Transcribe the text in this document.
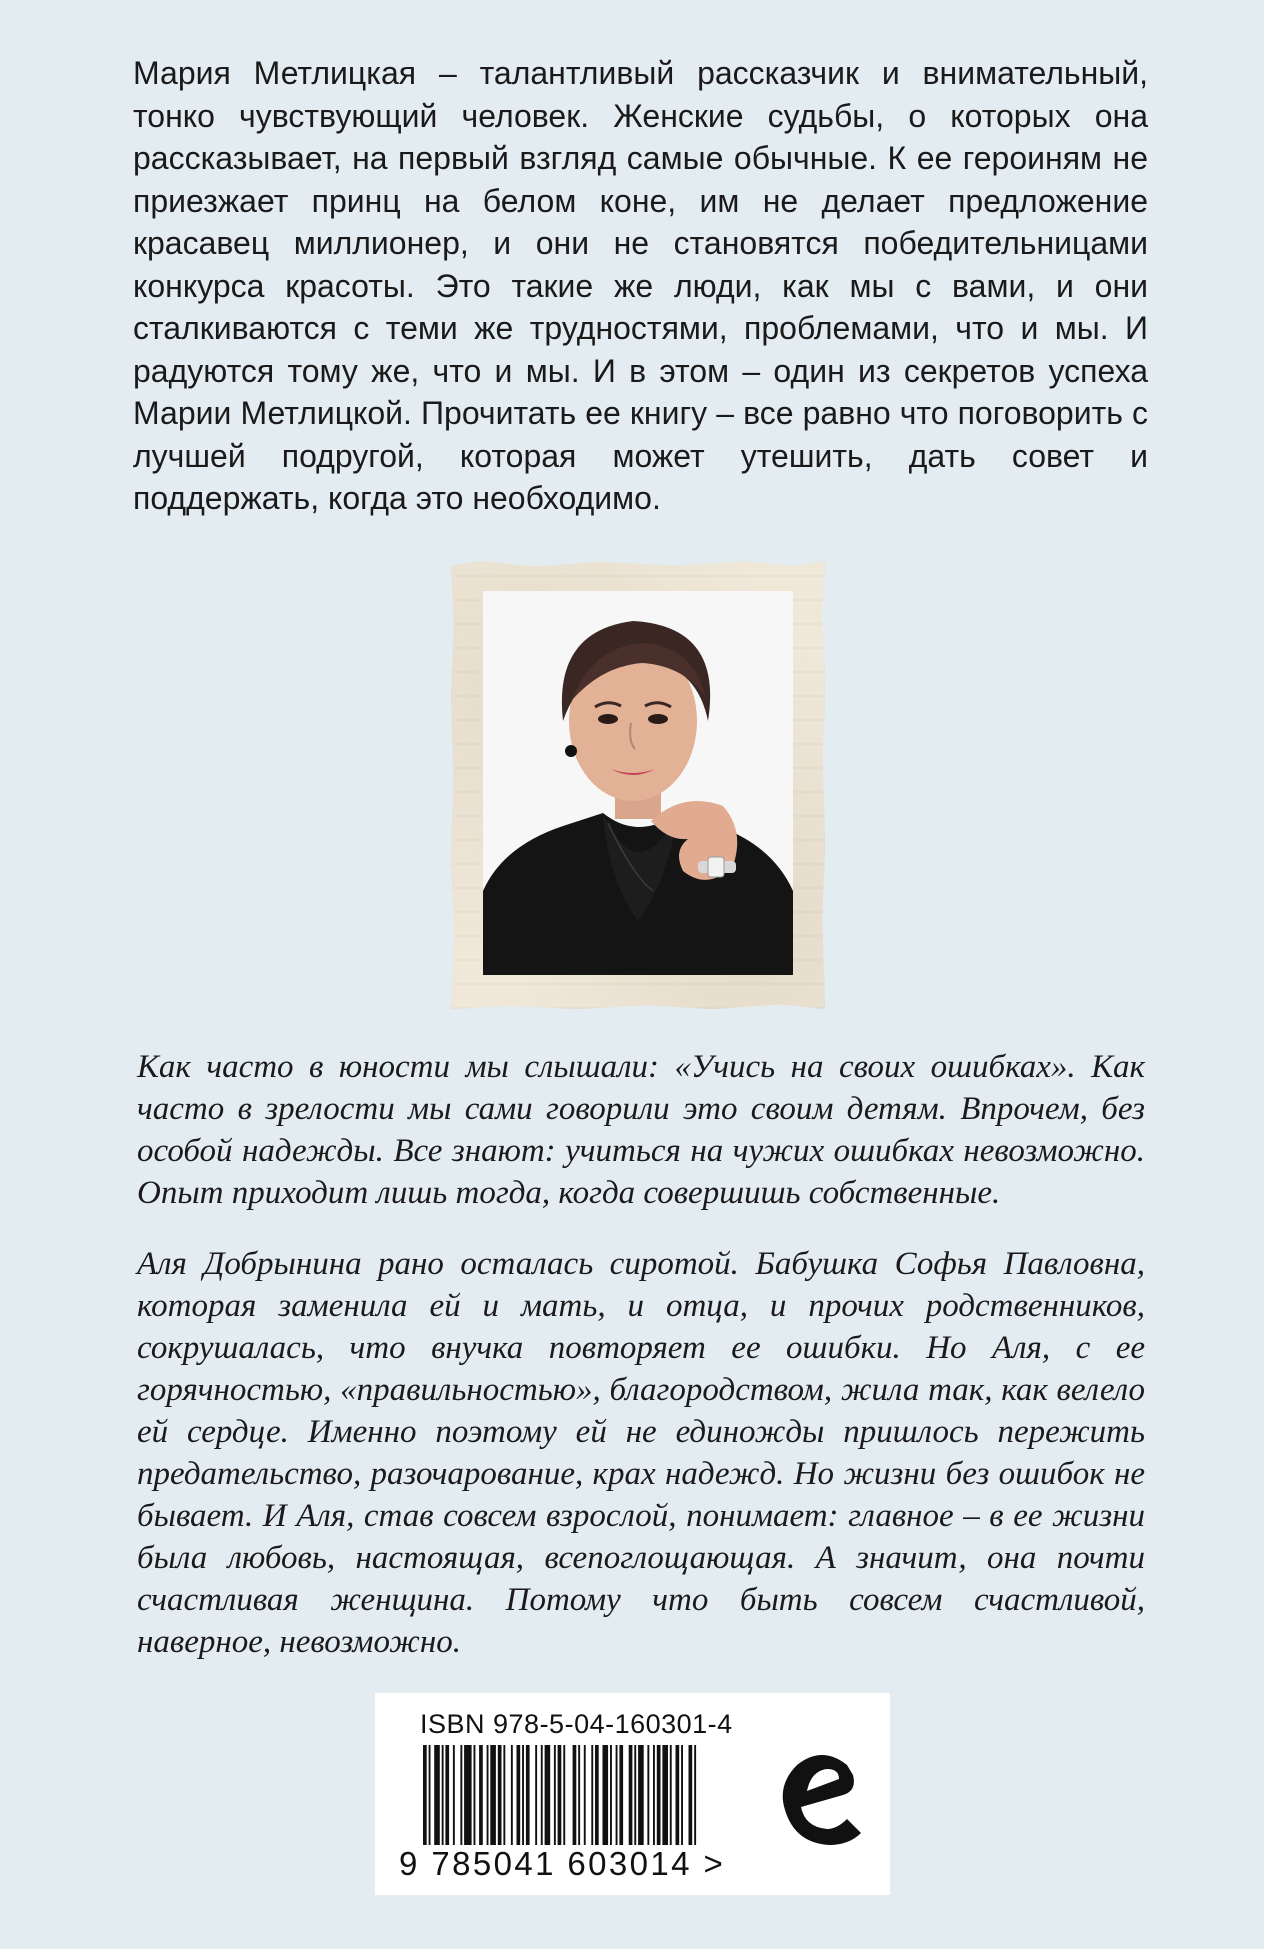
Мария Метлицкая – талантливый рассказчик и внимательный, тонко чувствующий человек. Женские судьбы, о которых она рассказывает, на первый взгляд самые обычные. К ее героиням не приезжает принц на белом коне, им не делает предложение красавец миллионер, и они не становятся победительницами конкурса красоты. Это такие же люди, как мы с вами, и они сталкиваются с теми же трудностями, проблемами, что и мы. И радуются тому же, что и мы. И в этом – один из секретов успеха Марии Метлицкой. Прочитать ее книгу – все равно что поговорить с лучшей подругой, которая может утешить, дать совет и поддержать, когда это необходимо.

Как часто в юности мы слышали: «Учись на своих ошибках». Как часто в зрелости мы сами говорили это своим детям. Впрочем, без особой надежды. Все знают: учиться на чужих ошибках невозможно. Опыт приходит лишь тогда, когда совершишь собственные.

Аля Добрынина рано осталась сиротой. Бабушка Софья Павловна, которая заменила ей и мать, и отца, и прочих родственников, сокрушалась, что внучка повторяет ее ошибки. Но Аля, с ее горячностью, «правильностью», благородством, жила так, как велело ей сердце. Именно поэтому ей не единожды пришлось пережить предательство, разочарование, крах надежд. Но жизни без ошибок не бывает. И Аля, став совсем взрослой, понимает: главное – в ее жизни была любовь, настоящая, всепоглощающая. А значит, она почти счастливая женщина. Потому что быть совсем счастливой, наверное, невозможно.

ISBN 978-5-04-160301-4
9 785041 603014 >
